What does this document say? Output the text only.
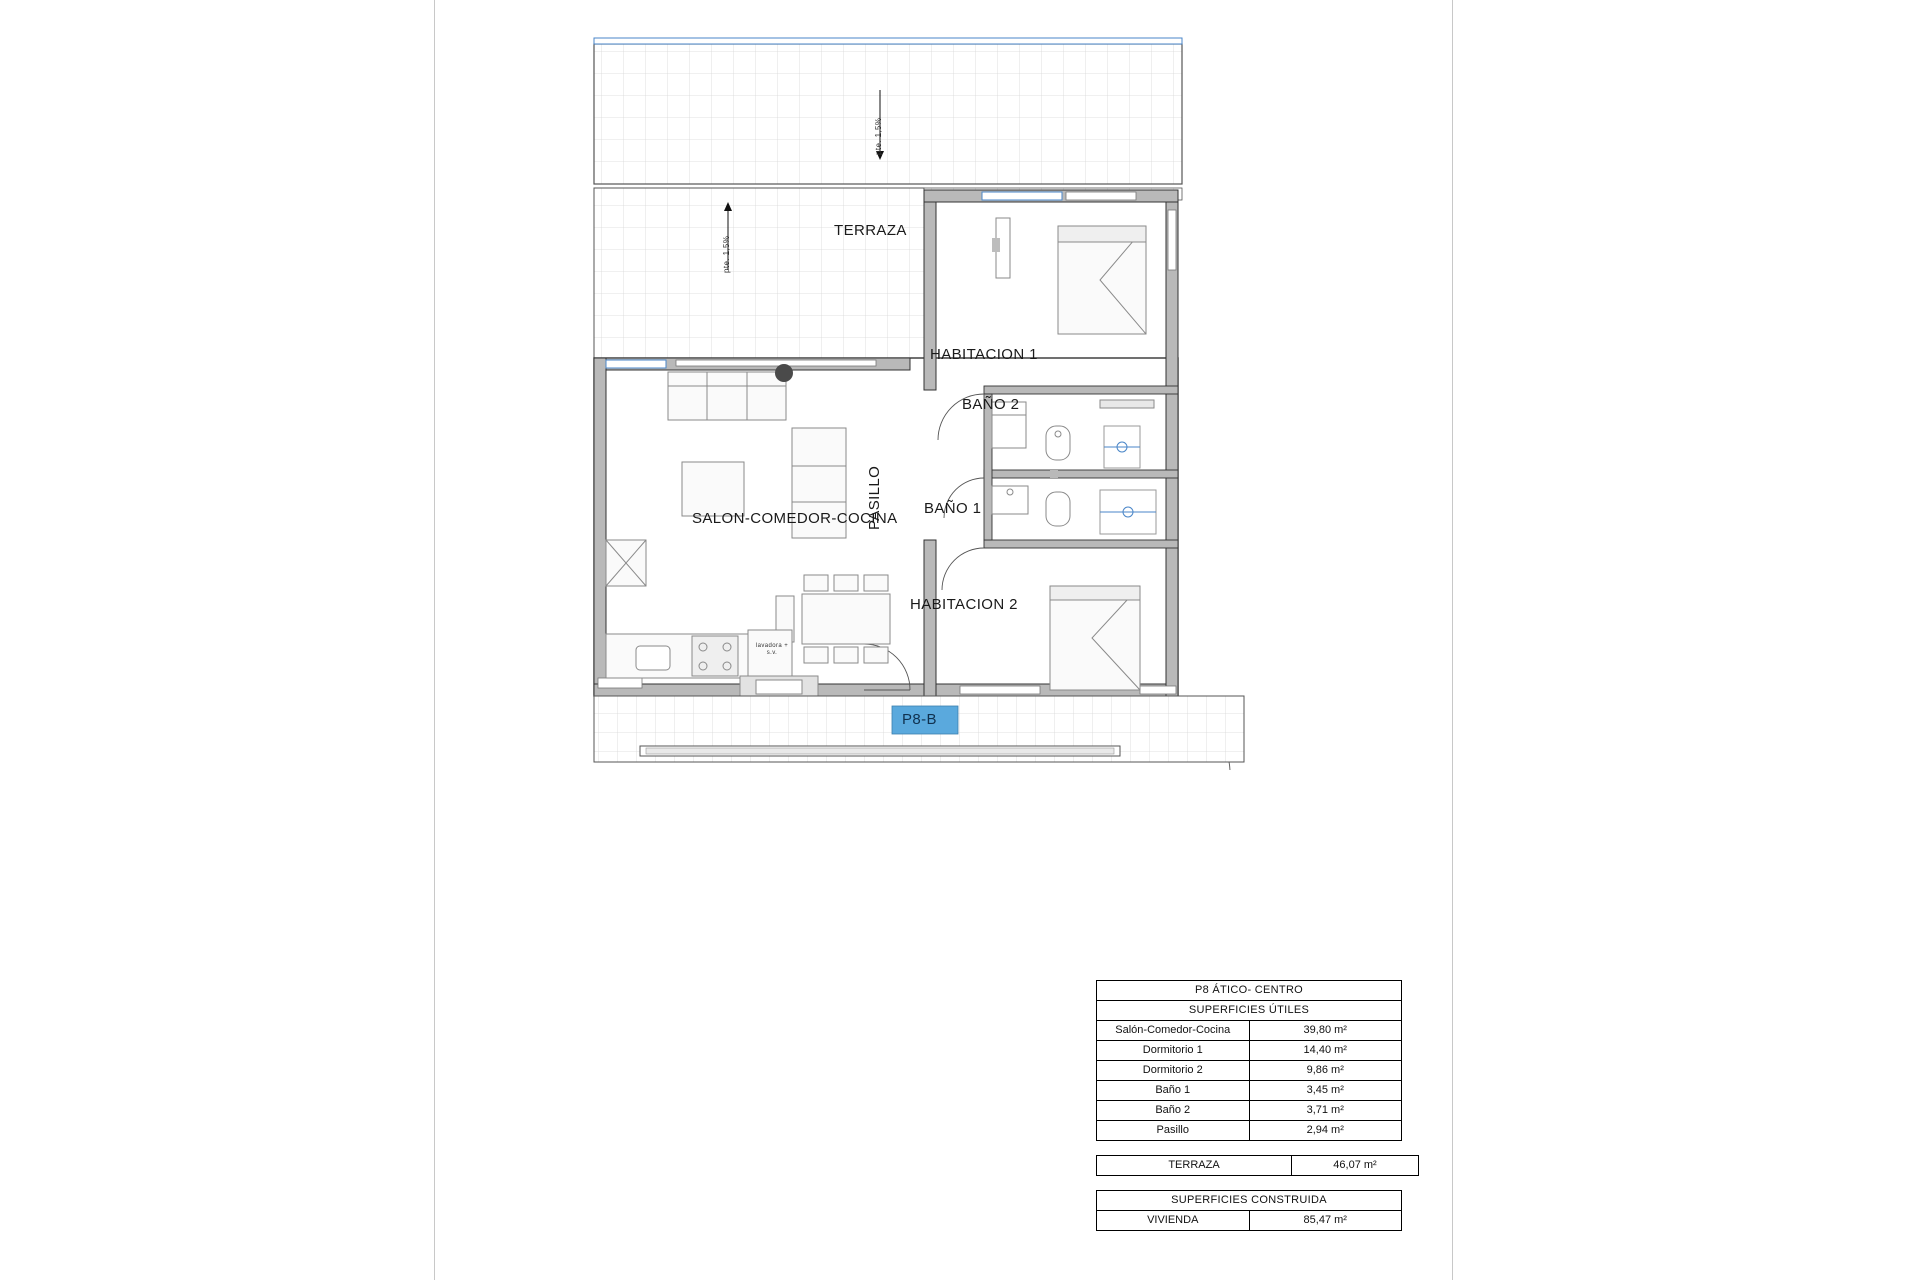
TERRAZA
HABITACION 1
BAÑO 2
BAÑO 1
HABITACION 2
SALON-COMEDOR-COCINA
PASILLO
pte. 1,5%
pte. 1,5%
lavadora + s.v.
P8-B
P8 ÁTICO- CENTRO	
SUPERFICIES ÚTILES	
Salón-Comedor-Cocina	39,80 m²
Dormitorio 1	14,40 m²
Dormitorio 2	9,86 m²
Baño 1	3,45 m²
Baño 2	3,71 m²
Pasillo	2,94 m²
TERRAZA	46,07 m²
SUPERFICIES CONSTRUIDA
VIVIENDA	85,47 m²
